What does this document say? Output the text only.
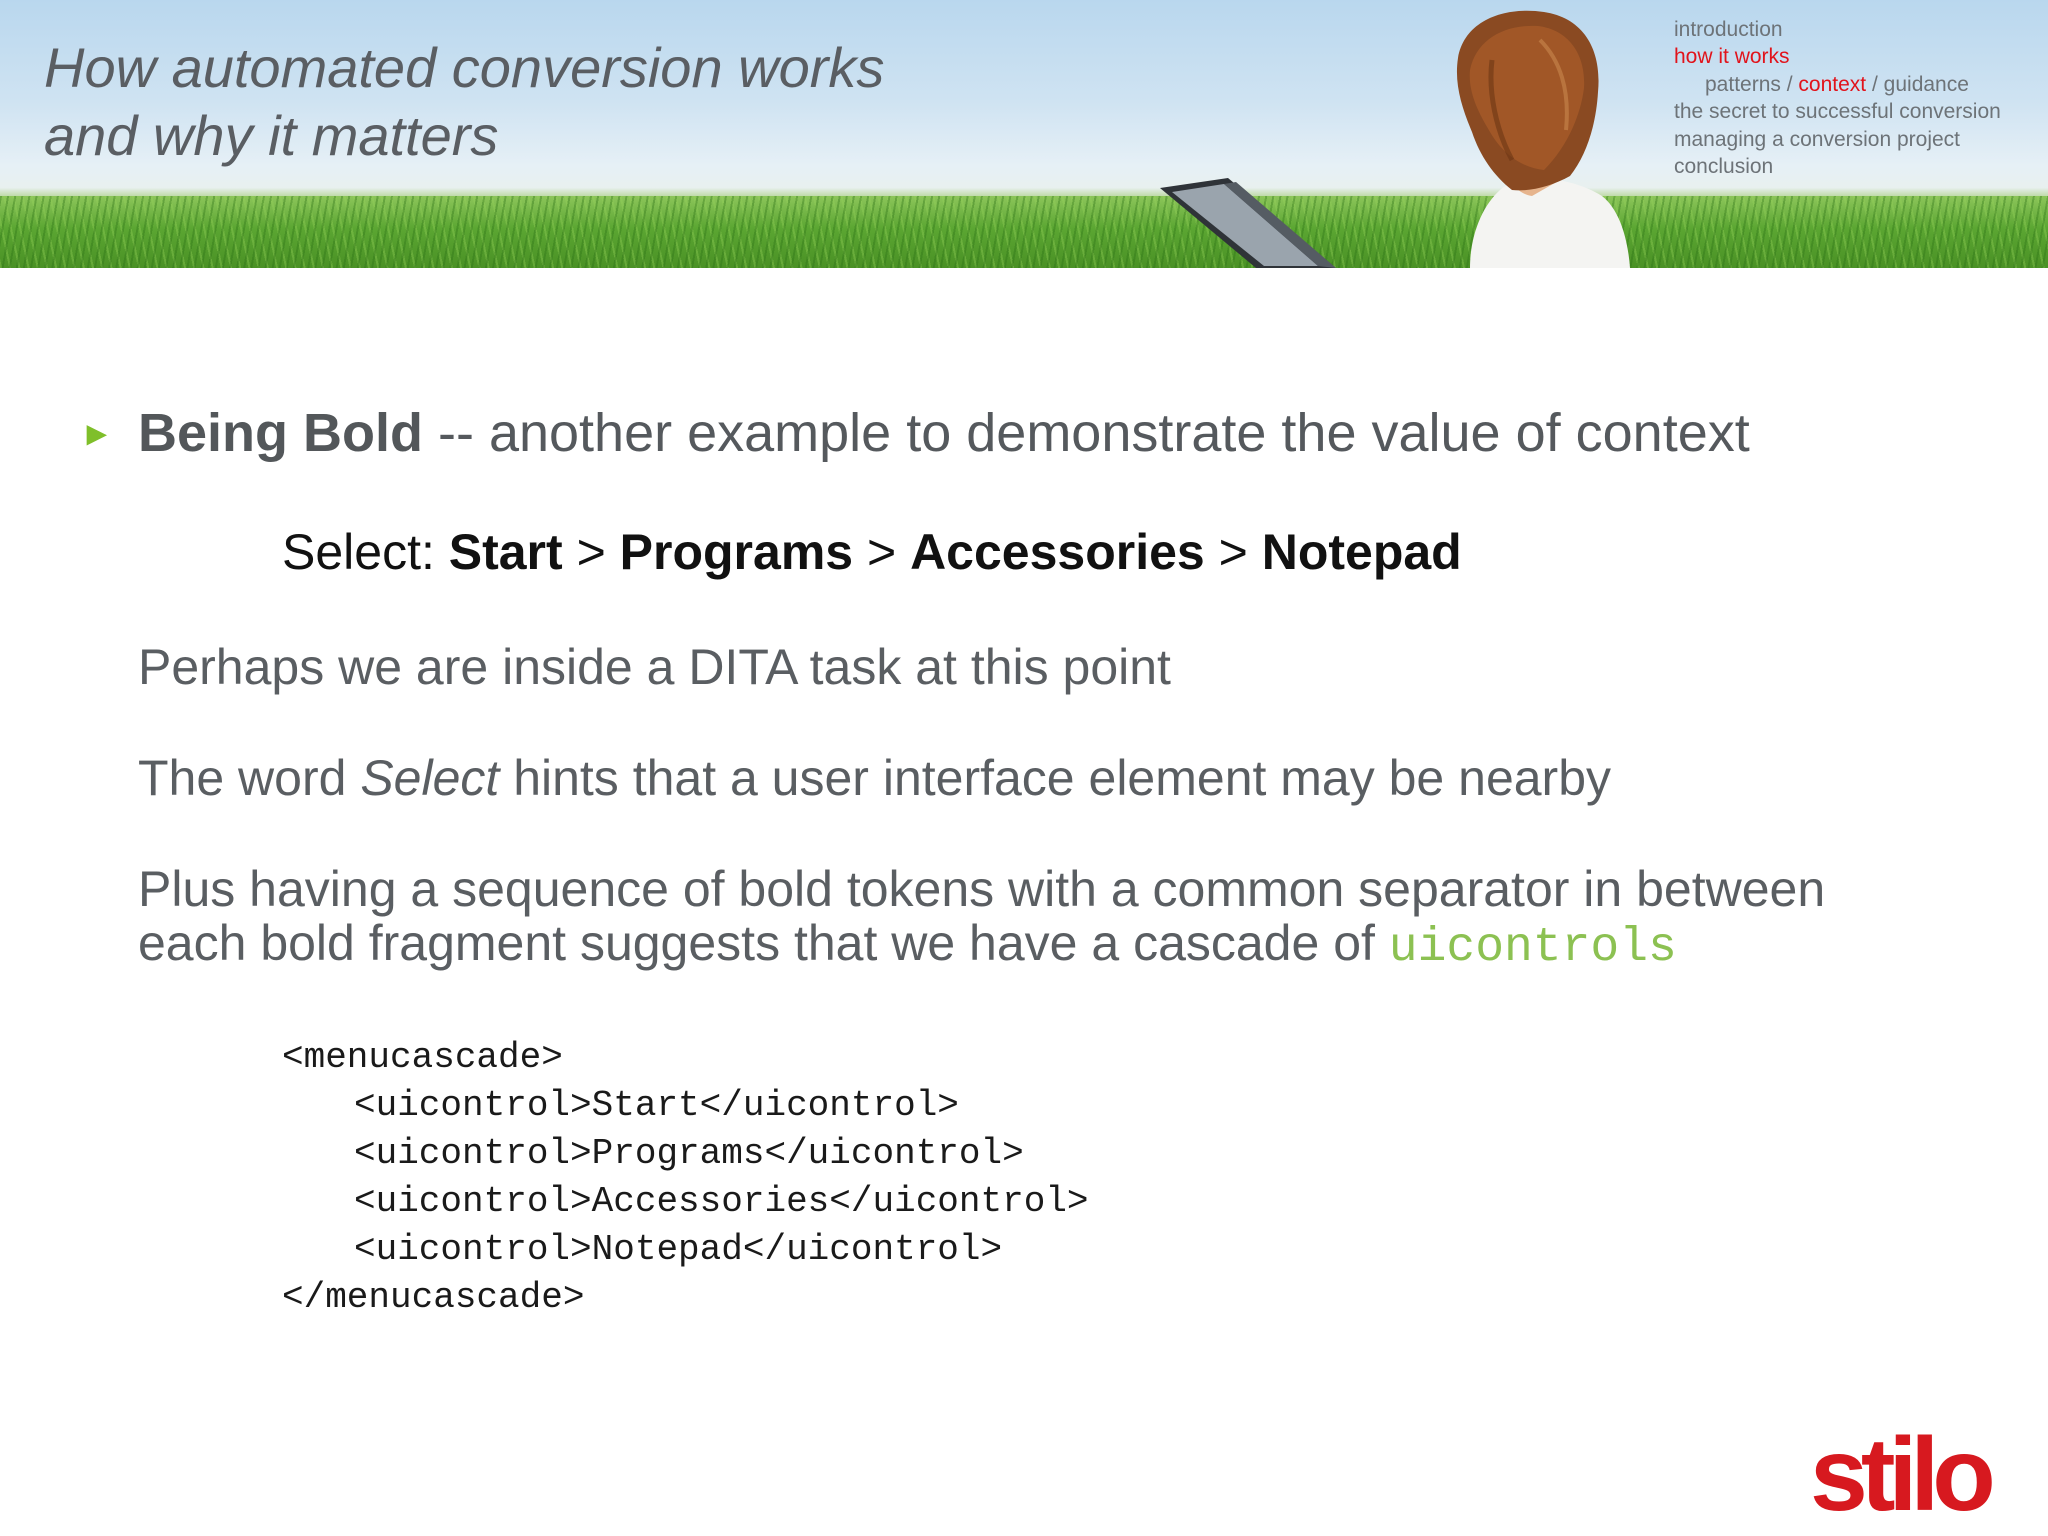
How automated conversion works
and why it matters
introduction
how it works
patterns / context / guidance
the secret to successful conversion
managing a conversion project
conclusion
► Being Bold -- another example to demonstrate the value of context
Select: Start > Programs > Accessories > Notepad
Perhaps we are inside a DITA task at this point
The word Select hints that a user interface element may be nearby
Plus having a sequence of bold tokens with a common separator in between
each bold fragment suggests that we have a cascade of uicontrols
<menucascade>
<uicontrol>Start</uicontrol>
<uicontrol>Programs</uicontrol>
<uicontrol>Accessories</uicontrol>
<uicontrol>Notepad</uicontrol>
</menucascade>
stilo
